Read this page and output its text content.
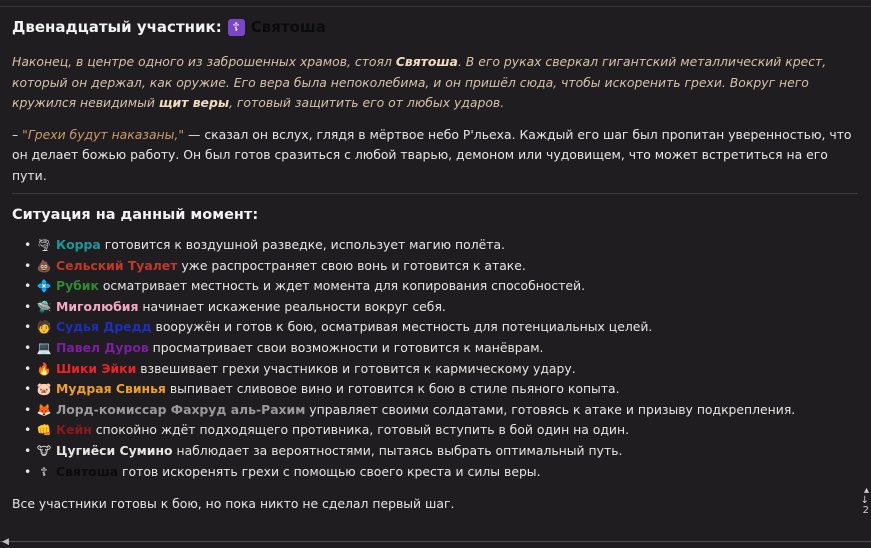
Двенадцатый участник: ☦ Святоша

Наконец, в центре одного из заброшенных храмов, стоял Святоша. В его руках сверкал гигантский металлический крест, который он держал, как оружие. Его вера была непоколебима, и он пришёл сюда, чтобы искоренить грехи. Вокруг него кружился невидимый щит веры, готовый защитить его от любых ударов.

– "Грехи будут наказаны," — сказал он вслух, глядя в мёртвое небо Р'льеха. Каждый его шаг был пропитан уверенностью, что он делает божью работу. Он был готов сразиться с любой тварью, демоном или чудовищем, что может встретиться на его пути.

Ситуация на данный момент:
• 🌪 Корра готовится к воздушной разведке, использует магию полёта.
• 💩 Сельский Туалет уже распространяет свою вонь и готовится к атаке.
• 💠 Рубик осматривает местность и ждет момента для копирования способностей.
• 🛸 Миголюбия начинает искажение реальности вокруг себя.
• 🧑 Судья Дредд вооружён и готов к бою, осматривая местность для потенциальных целей.
• 💻 Павел Дуров просматривает свои возможности и готовится к манёврам.
• 🔥 Шики Эйки взвешивает грехи участников и готовится к кармическому удару.
• 🐷 Мудрая Свинья выпивает сливовое вино и готовится к бою в стиле пьяного копыта.
• 🦊 Лорд-комиссар Фахруд аль-Рахим управляет своими солдатами, готовясь к атаке и призыву подкрепления.
• 👊 Кейн спокойно ждёт подходящего противника, готовый вступить в бой один на один.
• 🐮 Цугиёси Сумино наблюдает за вероятностями, пытаясь выбрать оптимальный путь.
• ☦ Святоша готов искоренять грехи с помощью своего креста и силы веры.

Все участники готовы к бою, но пока никто не сделал первый шаг.

▴
↓
2
◀
